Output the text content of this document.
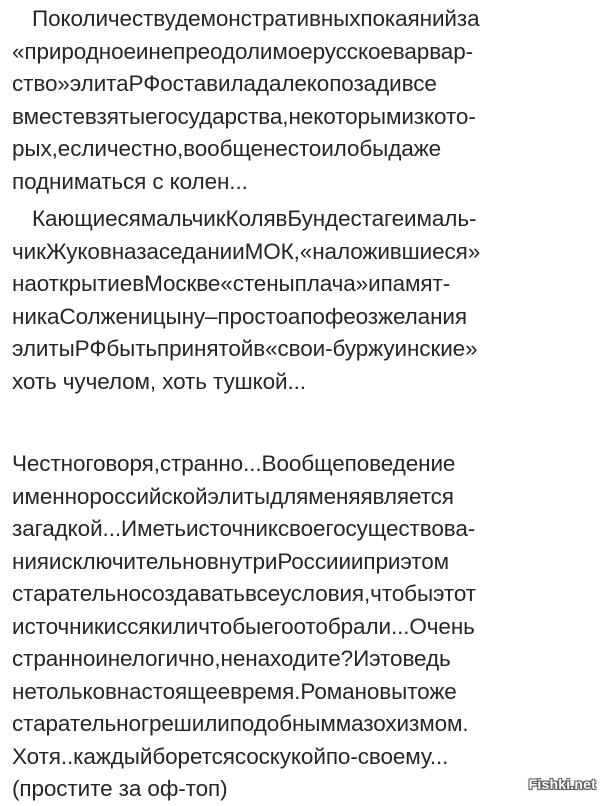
Поколичествудемонстративныхпокаянийза
«природноеинепреодолимоерусскоеварвар-
ство»элитаРФоставиладалекопозадивсе
вместевзятыегосударства,некоторымизкото-
рых,есличестно,вообщенестоилобыдаже
подниматься с колен...
КающиесямальчикКолявБундестагеималь-
чикЖуковназаседанииМОК,«наложившиеся»
наоткрытиевМоскве«стеныплача»ипамят-
никаСолженицыну–простоапофеозжелания
элитыРФбытьпринятойв«свои-буржуинские»
хоть чучелом, хоть тушкой...
Честноговоря,странно...Вообщеповедение
именнороссийскойэлитыдляменяявляется
загадкой...Иметьисточниксвоегосуществова-
нияисключительновнутриРоссиииприэтом
старательносоздаватьвсеусловия,чтобыэтот
источникиссякиличтобыегоотобрали...Очень
странноинелогично,ненаходите?Иэтоведь
нетольковнастоящеевремя.Романовытоже
старательногрешилиподобныммазохизмом.
Хотя..каждыйборетсясоскукойпо-своему...
(простите за оф-топ)	Fishki.net
